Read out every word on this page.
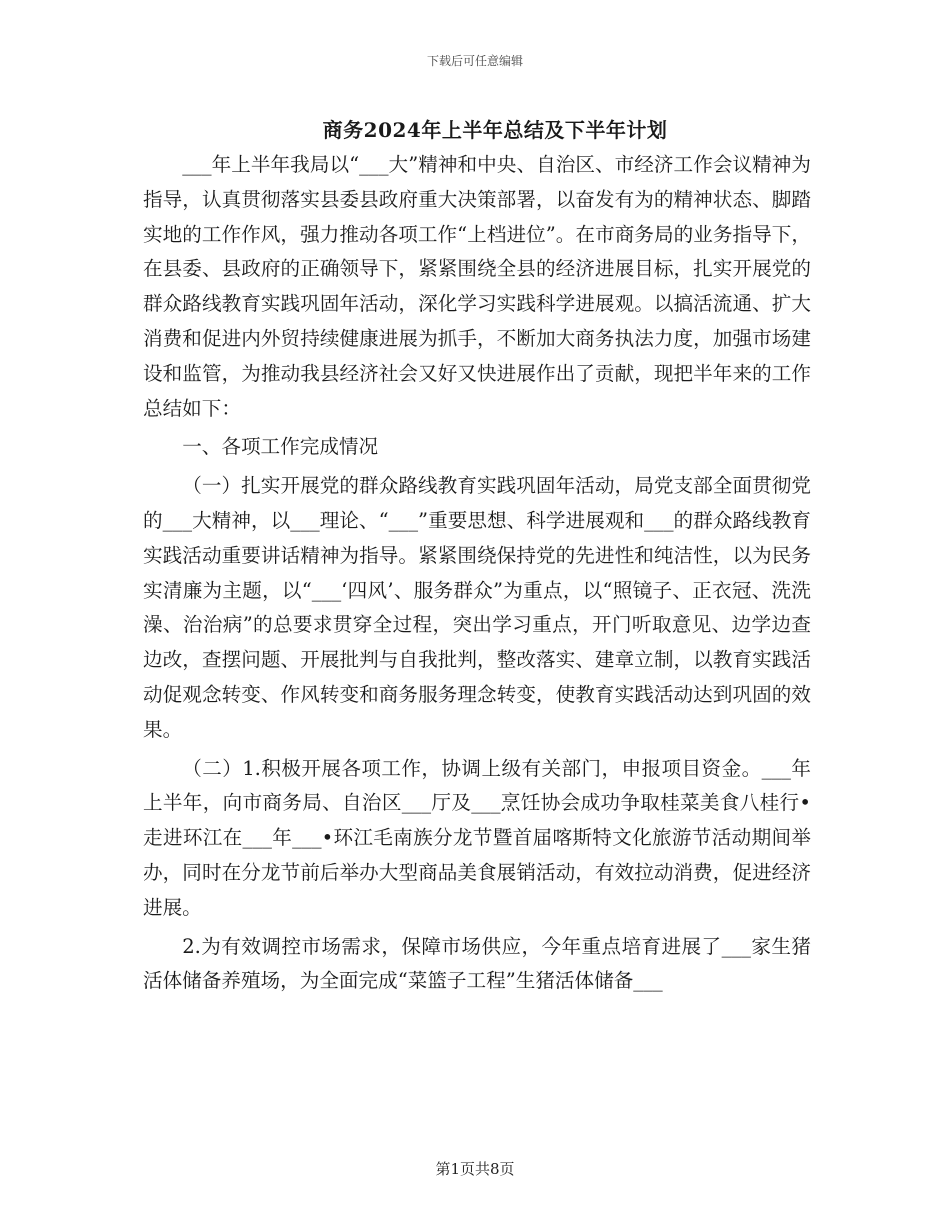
下载后可任意编辑
商务2024年上半年总结及下半年计划

___年上半年我局以“___大”精神和中央、自治区、市经济工作会议精神为指导，认真贯彻落实县委县政府重大决策部署，以奋发有为的精神状态、脚踏实地的工作作风，强力推动各项工作“上档进位”。在市商务局的业务指导下，在县委、县政府的正确领导下，紧紧围绕全县的经济进展目标，扎实开展党的群众路线教育实践巩固年活动，深化学习实践科学进展观。以搞活流通、扩大消费和促进内外贸持续健康进展为抓手，不断加大商务执法力度，加强市场建设和监管，为推动我县经济社会又好又快进展作出了贡献，现把半年来的工作总结如下：

一、各项工作完成情况

（一）扎实开展党的群众路线教育实践巩固年活动，局党支部全面贯彻党的___大精神，以___理论、“___”重要思想、科学进展观和___的群众路线教育实践活动重要讲话精神为指导。紧紧围绕保持党的先进性和纯洁性，以为民务实清廉为主题，以“___‘四风’、服务群众”为重点，以“照镜子、正衣冠、洗洗澡、治治病”的总要求贯穿全过程，突出学习重点，开门听取意见、边学边查边改，查摆问题、开展批判与自我批判，整改落实、建章立制，以教育实践活动促观念转变、作风转变和商务服务理念转变，使教育实践活动达到巩固的效果。

（二）1.积极开展各项工作，协调上级有关部门，申报项目资金。___年上半年，向市商务局、自治区___厅及___烹饪协会成功争取桂菜美食八桂行•走进环江在___年___•环江毛南族分龙节暨首届喀斯特文化旅游节活动期间举办，同时在分龙节前后举办大型商品美食展销活动，有效拉动消费，促进经济进展。

2.为有效调控市场需求，保障市场供应，今年重点培育进展了___家生猪活体储备养殖场，为全面完成“菜篮子工程”生猪活体储备___

第1页共8页
